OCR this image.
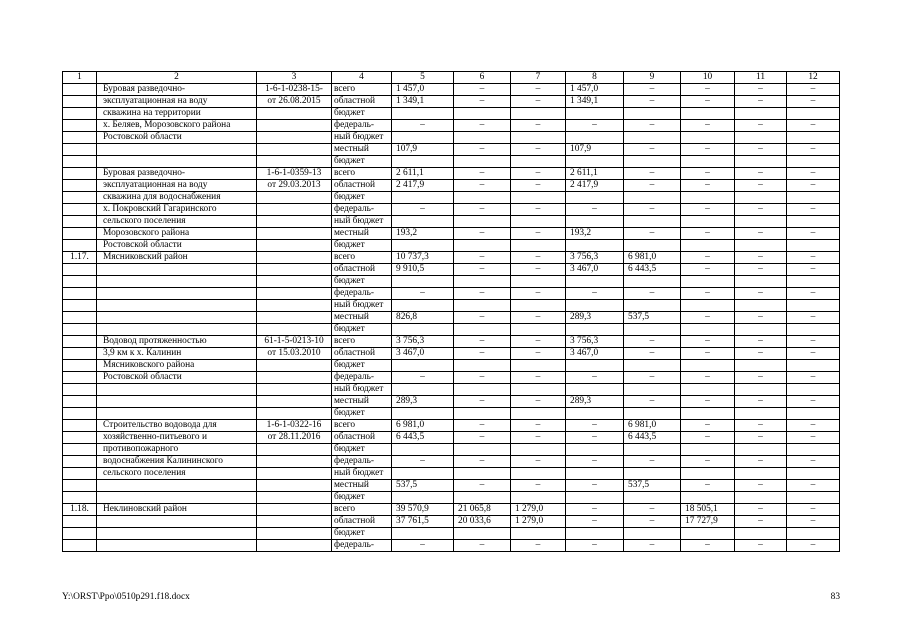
1	2	3	4	5	6	7	8	9	10	11	12
	Буровая разведочно-	1-6-1-0238-15-	всего	1 457,0	–	–	1 457,0	–	–	–	–
	эксплуатационная на воду	от 26.08.2015	областной	1 349,1	–	–	1 349,1	–	–	–	–
	скважина на территории		бюджет								
	х. Беляев, Морозовского района		федераль-	–	–	–	–	–	–	–	–
	Ростовской области		ный бюджет								
			местный	107,9	–	–	107,9	–	–	–	–
			бюджет								
	Буровая разведочно-	1-6-1-0359-13	всего	2 611,1	–	–	2 611,1	–	–	–	–
	эксплуатационная на воду	от 29.03.2013	областной	2 417,9	–	–	2 417,9	–	–	–	–
	скважина для водоснабжения		бюджет								
	х. Покровский Гагаринского		федераль-	–	–	–	–	–	–	–	–
	сельского поселения		ный бюджет								
	Морозовского района		местный	193,2	–	–	193,2	–	–	–	–
	Ростовской области		бюджет								
1.17.	Мясниковский район		всего	10 737,3	–	–	3 756,3	6 981,0	–	–	–
			областной	9 910,5	–	–	3 467,0	6 443,5	–	–	–
			бюджет								
			федераль-	–	–	–	–	–	–	–	–
			ный бюджет								
			местный	826,8	–	–	289,3	537,5	–	–	–
			бюджет								
	Водовод протяженностью	61-1-5-0213-10	всего	3 756,3	–	–	3 756,3	–	–	–	–
	3,9 км к х. Калинин	от 15.03.2010	областной	3 467,0	–	–	3 467,0	–	–	–	–
	Мясниковского района		бюджет								
	Ростовской области		федераль-	–	–	–	–	–	–	–	–
			ный бюджет								
			местный	289,3	–	–	289,3	–	–	–	–
			бюджет								
	Строительство водовода для	1-6-1-0322-16	всего	6 981,0	–	–	–	6 981,0	–	–	–
	хозяйственно-питьевого и	от 28.11.2016	областной	6 443,5	–	–	–	6 443,5	–	–	–
	противопожарного		бюджет								
	водоснабжения Калининского		федераль-	–	–	–	–	–	–	–	–
	сельского поселения		ный бюджет								
			местный	537,5	–	–	–	537,5	–	–	–
			бюджет								
1.18.	Неклиновский район		всего	39 570,9	21 065,8	1 279,0	–	–	18 505,1	–	–
			областной	37 761,5	20 033,6	1 279,0	–	–	17 727,9	–	–
			бюджет								
			федераль-	–	–	–	–	–	–	–	–
Y:\ORST\Ppo\0510p291.f18.docx	83
